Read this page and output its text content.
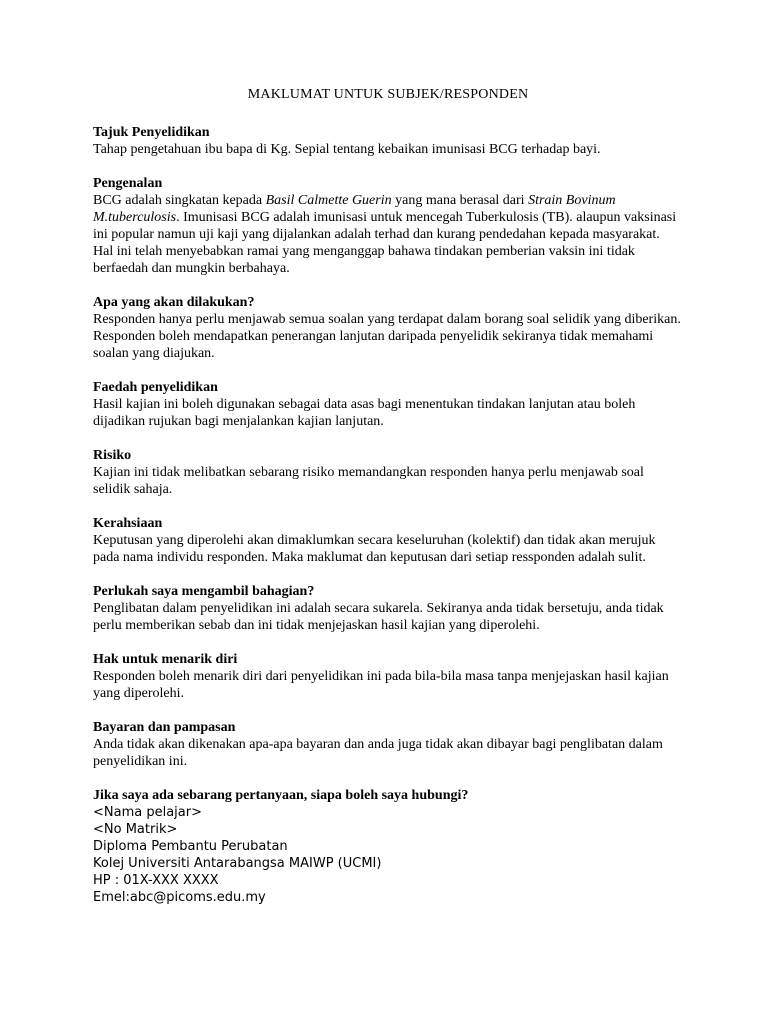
MAKLUMAT UNTUK SUBJEK/RESPONDEN

Tajuk Penyelidikan

Tahap pengetahuan ibu bapa di Kg. Sepial tentang kebaikan imunisasi BCG terhadap bayi.

Pengenalan

BCG adalah singkatan kepada Basil Calmette Guerin yang mana berasal dari Strain Bovinum M.tuberculosis. Imunisasi BCG adalah imunisasi untuk mencegah Tuberkulosis (TB). alaupun vaksinasi ini popular namun uji kaji yang dijalankan adalah terhad dan kurang pendedahan kepada masyarakat. Hal ini telah menyebabkan ramai yang menganggap bahawa tindakan pemberian vaksin ini tidak berfaedah dan mungkin berbahaya.

Apa yang akan dilakukan?

Responden hanya perlu menjawab semua soalan yang terdapat dalam borang soal selidik yang diberikan. Responden boleh mendapatkan penerangan lanjutan daripada penyelidik sekiranya tidak memahami soalan yang diajukan.

Faedah penyelidikan

Hasil kajian ini boleh digunakan sebagai data asas bagi menentukan tindakan lanjutan atau boleh dijadikan rujukan bagi menjalankan kajian lanjutan.

Risiko

Kajian ini tidak melibatkan sebarang risiko memandangkan responden hanya perlu menjawab soal selidik sahaja.

Kerahsiaan

Keputusan yang diperolehi akan dimaklumkan secara keseluruhan (kolektif) dan tidak akan merujuk pada nama individu responden. Maka maklumat dan keputusan dari setiap ressponden adalah sulit.

Perlukah saya mengambil bahagian?

Penglibatan dalam penyelidikan ini adalah secara sukarela. Sekiranya anda tidak bersetuju, anda tidak perlu memberikan sebab dan ini tidak menjejaskan hasil kajian yang diperolehi.

Hak untuk menarik diri

Responden boleh menarik diri dari penyelidikan ini pada bila-bila masa tanpa menjejaskan hasil kajian yang diperolehi.

Bayaran dan pampasan

Anda tidak akan dikenakan apa-apa bayaran dan anda juga tidak akan dibayar bagi penglibatan dalam penyelidikan ini.

Jika saya ada sebarang pertanyaan, siapa boleh saya hubungi?

<Nama pelajar>

<No Matrik>

Diploma Pembantu Perubatan

Kolej Universiti Antarabangsa MAIWP (UCMI)

HP : 01X-XXX XXXX

Emel:abc@picoms.edu.my
